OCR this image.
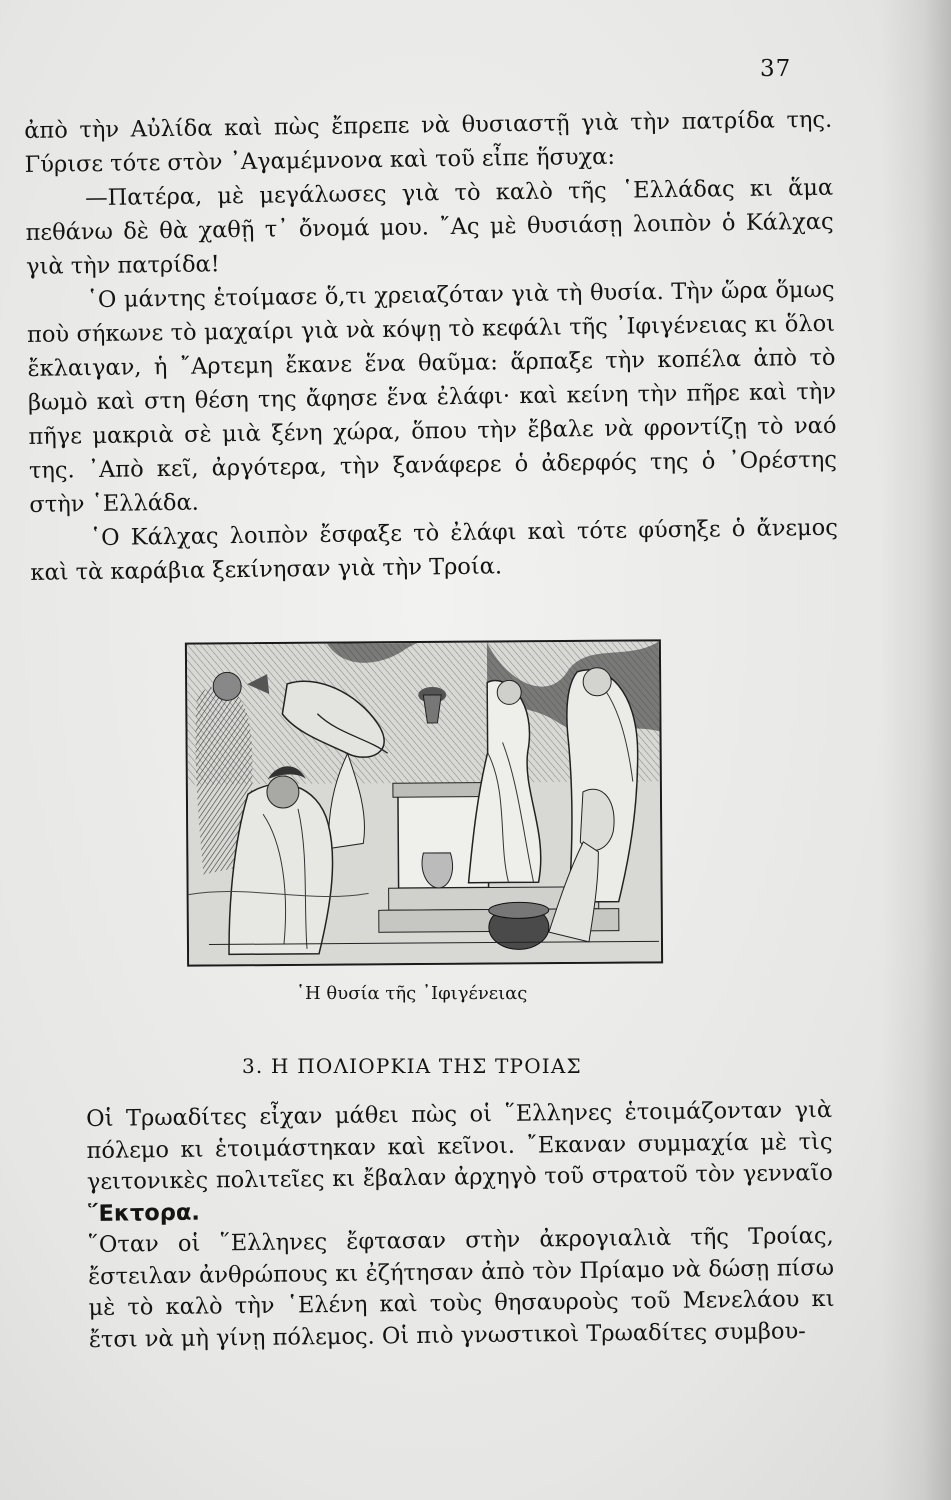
37

ἀπὸ τὴν Αὐλίδα καὶ πὼς ἔπρεπε νὰ θυσιαστῇ γιὰ τὴν πατρίδα της. Γύρισε τότε στὸν ᾿Αγαμέμνονα καὶ τοῦ εἶπε ἥσυχα:

—Πατέρα, μὲ μεγάλωσες γιὰ τὸ καλὸ τῆς ῾Ελλάδας κι ἅμα πεθάνω δὲ θὰ χαθῇ τ᾿ ὄνομά μου. ῎Ας μὲ θυσιάσῃ λοιπὸν ὁ Κάλχας γιὰ τὴν πατρίδα!

῾Ο μάντης ἑτοίμασε ὅ,τι χρειαζόταν γιὰ τὴ θυσία. Τὴν ὥρα ὅμως ποὺ σήκωνε τὸ μαχαίρι γιὰ νὰ κόψῃ τὸ κεφάλι τῆς ᾿Ιφιγένειας κι ὅλοι ἔκλαιγαν, ἡ ῎Αρτεμη ἔκανε ἕνα θαῦμα: ἅρπαξε τὴν κοπέλα ἀπὸ τὸ βωμὸ καὶ στη θέση της ἄφησε ἕνα ἐλάφι· καὶ κείνη τὴν πῆρε καὶ τὴν πῆγε μακριὰ σὲ μιὰ ξένη χώρα, ὅπου τὴν ἔβαλε νὰ φροντίζῃ τὸ ναό της. ᾿Απὸ κεῖ, ἀργότερα, τὴν ξανάφερε ὁ ἀδερφός της ὁ ᾿Ορέστης στὴν ῾Ελλάδα.

῾Ο Κάλχας λοιπὸν ἔσφαξε τὸ ἐλάφι καὶ τότε φύσηξε ὁ ἄνεμος καὶ τὰ καράβια ξεκίνησαν γιὰ τὴν Τροία.

῾Η θυσία τῆς ᾿Ιφιγένειας
3. Η ΠΟΛΙΟΡΚΙΑ ΤΗΣ ΤΡΟΙΑΣ

Οἱ Τρωαδίτες εἶχαν μάθει πὼς οἱ ῞Ελληνες ἑτοιμάζονταν γιὰ πόλεμο κι ἑτοιμάστηκαν καὶ κεῖνοι. ῎Εκαναν συμμαχία μὲ τὶς γειτονικὲς πολιτεῖες κι ἔβαλαν ἀρχηγὸ τοῦ στρατοῦ τὸν γενναῖο ῞Εκτορα.

῞Οταν οἱ ῞Ελληνες ἔφτασαν στὴν ἀκρογιαλιὰ τῆς Τροίας, ἔστειλαν ἀνθρώπους κι ἐζήτησαν ἀπὸ τὸν Πρίαμο νὰ δώσῃ πίσω μὲ τὸ καλὸ τὴν ῾Ελένη καὶ τοὺς θησαυροὺς τοῦ Μενελάου κι ἔτσι νὰ μὴ γίνῃ πόλεμος. Οἱ πιὸ γνωστικοὶ Τρωαδίτες συμβου-
